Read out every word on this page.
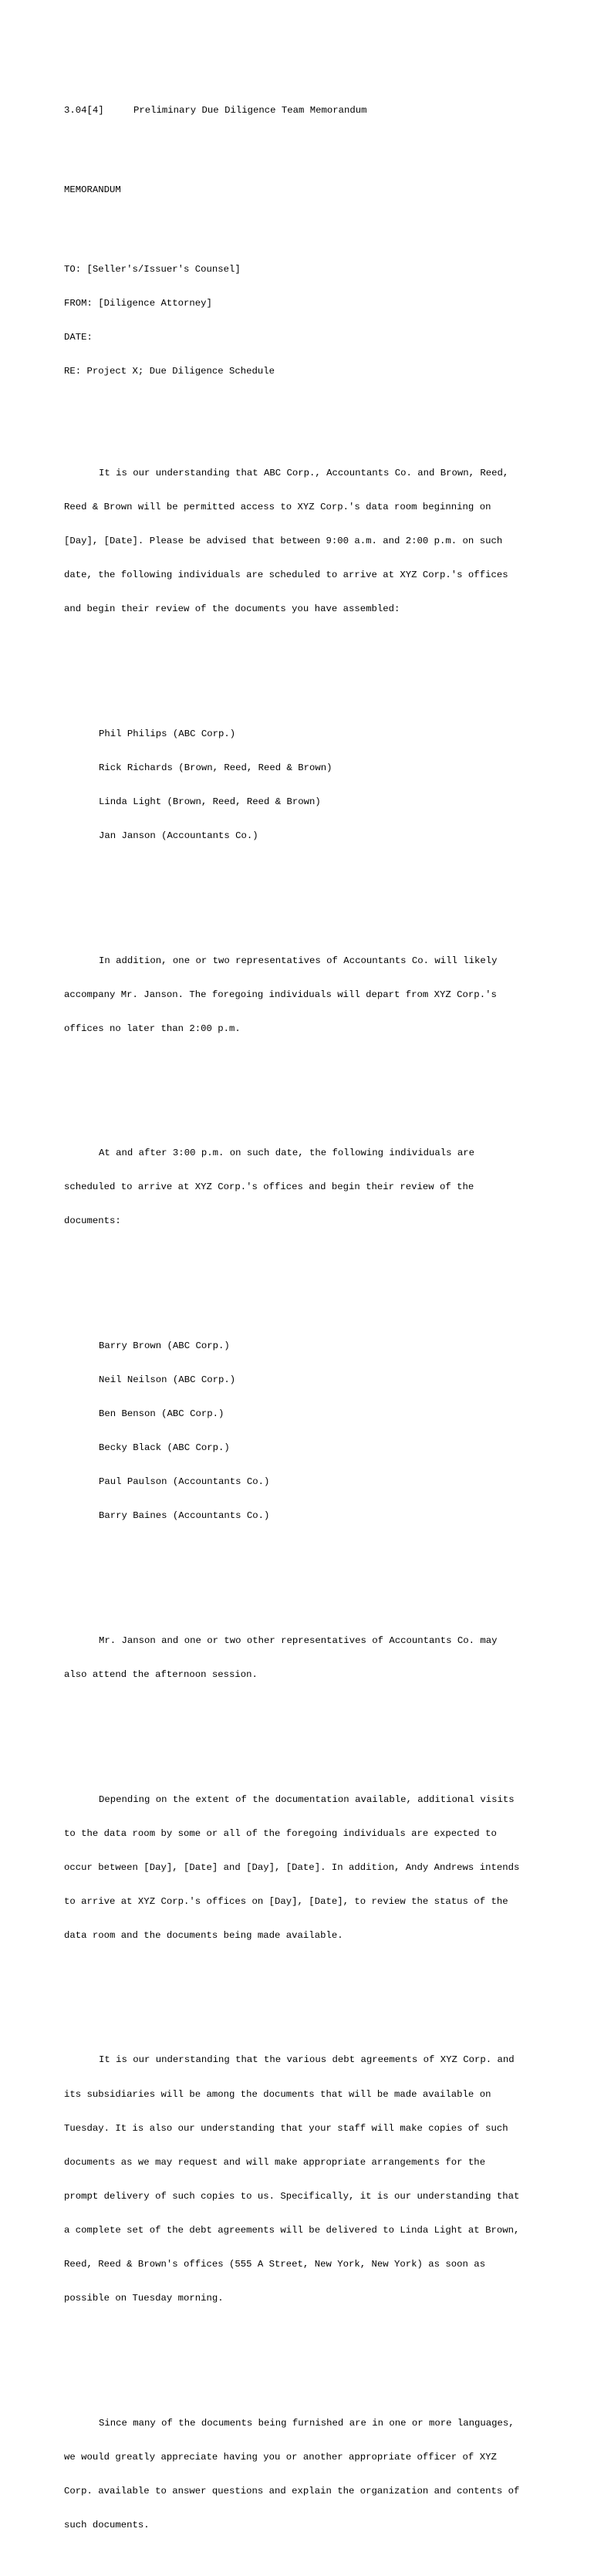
3.04[4]	Preliminary Due Diligence Team Memorandum

MEMORANDUM

TO: [Seller's/Issuer's Counsel]

FROM: [Diligence Attorney]

DATE:

RE: Project X; Due Diligence Schedule

It is our understanding that ABC Corp., Accountants Co. and Brown, Reed,

Reed & Brown will be permitted access to XYZ Corp.'s data room beginning on

[Day], [Date]. Please be advised that between 9:00 a.m. and 2:00 p.m. on such

date, the following individuals are scheduled to arrive at XYZ Corp.'s offices

and begin their review of the documents you have assembled:

Phil Philips (ABC Corp.)

Rick Richards (Brown, Reed, Reed & Brown)

Linda Light (Brown, Reed, Reed & Brown)

Jan Janson (Accountants Co.)

In addition, one or two representatives of Accountants Co. will likely

accompany Mr. Janson. The foregoing individuals will depart from XYZ Corp.'s

offices no later than 2:00 p.m.

At and after 3:00 p.m. on such date, the following individuals are

scheduled to arrive at XYZ Corp.'s offices and begin their review of the

documents:

Barry Brown (ABC Corp.)

Neil Neilson (ABC Corp.)

Ben Benson (ABC Corp.)

Becky Black (ABC Corp.)

Paul Paulson (Accountants Co.)

Barry Baines (Accountants Co.)

Mr. Janson and one or two other representatives of Accountants Co. may

also attend the afternoon session.

Depending on the extent of the documentation available, additional visits

to the data room by some or all of the foregoing individuals are expected to

occur between [Day], [Date] and [Day], [Date]. In addition, Andy Andrews intends

to arrive at XYZ Corp.'s offices on [Day], [Date], to review the status of the

data room and the documents being made available.

It is our understanding that the various debt agreements of XYZ Corp. and

its subsidiaries will be among the documents that will be made available on

Tuesday. It is also our understanding that your staff will make copies of such

documents as we may request and will make appropriate arrangements for the

prompt delivery of such copies to us. Specifically, it is our understanding that

a complete set of the debt agreements will be delivered to Linda Light at Brown,

Reed, Reed & Brown's offices (555 A Street, New York, New York) as soon as

possible on Tuesday morning.

Since many of the documents being furnished are in one or more languages,

we would greatly appreciate having you or another appropriate officer of XYZ

Corp. available to answer questions and explain the organization and contents of

such documents.
